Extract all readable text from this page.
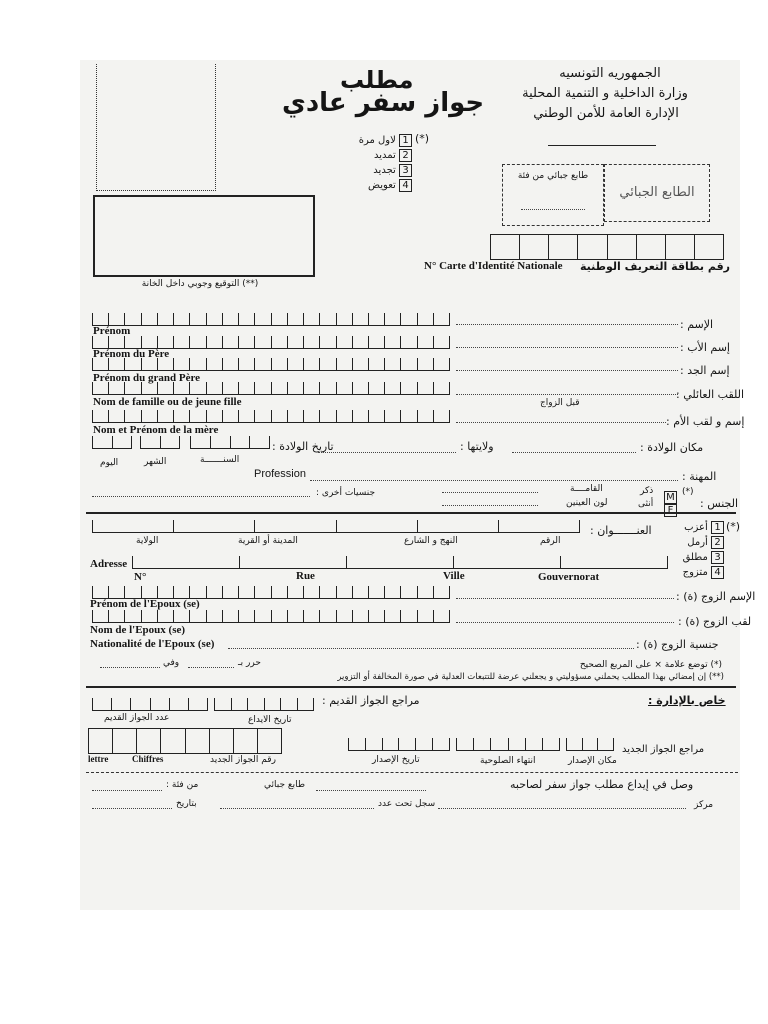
(**) التوقيع وجوبي داخل الخانة
مطلب
جواز سفر عادي
الجمهوريه التونسيه
وزارة الداخلية و التنمية المحلية
الإدارة العامة للأمن الوطني
(*)
1 لاول مرة
2 تمديد
3 تجديد
4 تعويض
طابع جبائي من فئة
الطابع الجبائي
N° Carte d'Identité Nationale رقم بطاقة التعريف الوطنية
الإسم :
Prénom
إسم الأب :
Prénom du Père
إسم الجد :
Prénom du grand Père
اللقب العائلي :
قبل الزواج
Nom de famille ou de jeune fille
إسم و لقب الأم :
Nom et Prénom de la mère
تاريخ الولادة :	ولايتها :	مكان الولادة :
السنـــــــة
الشهر
اليوم
Profession	المهنة :
جنسيات أخرى :	القامــــة
لون العينين
ذكر
أنثى
M
F
(*)
الجنس :
(*)
1 أعزب
2 أرمل
3 مطلق
4 متزوج
العنـــــــوان :
الرقم
النهج و الشارع
المدينة أو القرية
الولاية
Adresse
N°	Rue	Ville	Gouvernorat
الإسم الزوج (ة) :
Prénom de l'Epoux (se)
لقب الزوج (ة) :
Nom de l'Epoux (se)
Nationalité de l'Epoux (se)	جنسية الزوج (ة) :
وفي	حرر بـ	(*) توضع علامة × على المربع الصحيح
(**) إن إمضائي بهذا المطلب يحملني مسؤوليتي و يجعلني عرضة للتتبعات العدلية في صورة المخالفة أو التزوير
خاص بالإدارة :
مراجع الجواز القديم :
عدد الجواز القديم	تاريخ الايداع
lettre	Chiffres	رقم الجواز الجديد
مراجع الجواز الجديد
تاريخ الإصدار	انتهاء الصلوحية	مكان الإصدار
من فئة :	طابع جبائي	وصل في إيداع مطلب جواز سفر لصاحبه
بتاريخ	سجل تحت عدد	مركز
